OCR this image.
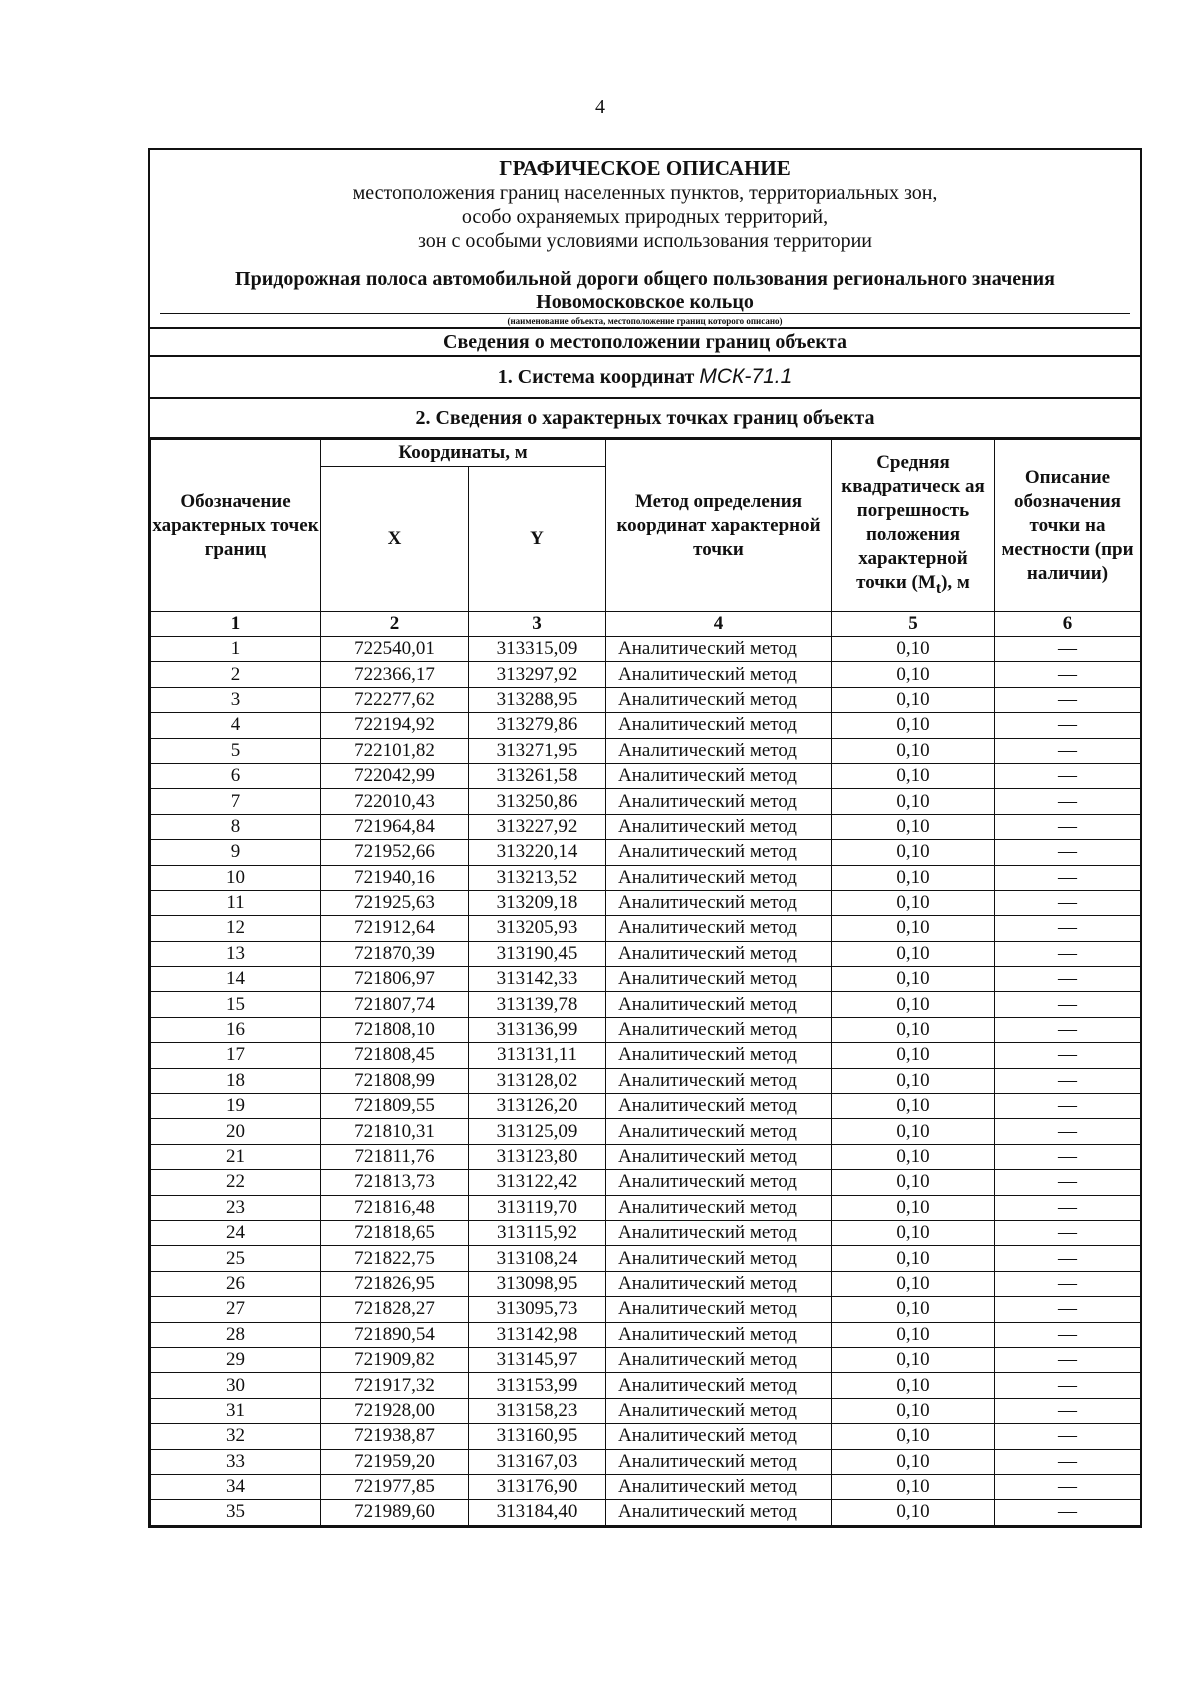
4
ГРАФИЧЕСКОЕ ОПИСАНИЕ
местоположения границ населенных пунктов, территориальных зон,
особо охраняемых природных территорий,
зон с особыми условиями использования территории
Придорожная полоса автомобильной дороги общего пользования регионального значения
Новомосковское кольцо
(наименование объекта, местоположение границ которого описано)
Сведения о местоположении границ объекта
1. Система координат МСК-71.1
2. Сведения о характерных точках границ объекта
Обозначение характерных точек границ	Координаты, м		Метод определения координат характерной точки	Средняя квадратическ ая погрешность положения характерной точки $(M_t)$, м	Описание обозначения точки на местности (при наличии)
	X	Y			
1	2	3	4	5	6
1	722540,01	313315,09	Аналитический метод	0,10	—
2	722366,17	313297,92	Аналитический метод	0,10	—
3	722277,62	313288,95	Аналитический метод	0,10	—
4	722194,92	313279,86	Аналитический метод	0,10	—
5	722101,82	313271,95	Аналитический метод	0,10	—
6	722042,99	313261,58	Аналитический метод	0,10	—
7	722010,43	313250,86	Аналитический метод	0,10	—
8	721964,84	313227,92	Аналитический метод	0,10	—
9	721952,66	313220,14	Аналитический метод	0,10	—
10	721940,16	313213,52	Аналитический метод	0,10	—
11	721925,63	313209,18	Аналитический метод	0,10	—
12	721912,64	313205,93	Аналитический метод	0,10	—
13	721870,39	313190,45	Аналитический метод	0,10	—
14	721806,97	313142,33	Аналитический метод	0,10	—
15	721807,74	313139,78	Аналитический метод	0,10	—
16	721808,10	313136,99	Аналитический метод	0,10	—
17	721808,45	313131,11	Аналитический метод	0,10	—
18	721808,99	313128,02	Аналитический метод	0,10	—
19	721809,55	313126,20	Аналитический метод	0,10	—
20	721810,31	313125,09	Аналитический метод	0,10	—
21	721811,76	313123,80	Аналитический метод	0,10	—
22	721813,73	313122,42	Аналитический метод	0,10	—
23	721816,48	313119,70	Аналитический метод	0,10	—
24	721818,65	313115,92	Аналитический метод	0,10	—
25	721822,75	313108,24	Аналитический метод	0,10	—
26	721826,95	313098,95	Аналитический метод	0,10	—
27	721828,27	313095,73	Аналитический метод	0,10	—
28	721890,54	313142,98	Аналитический метод	0,10	—
29	721909,82	313145,97	Аналитический метод	0,10	—
30	721917,32	313153,99	Аналитический метод	0,10	—
31	721928,00	313158,23	Аналитический метод	0,10	—
32	721938,87	313160,95	Аналитический метод	0,10	—
33	721959,20	313167,03	Аналитический метод	0,10	—
34	721977,85	313176,90	Аналитический метод	0,10	—
35	721989,60	313184,40	Аналитический метод	0,10	—
